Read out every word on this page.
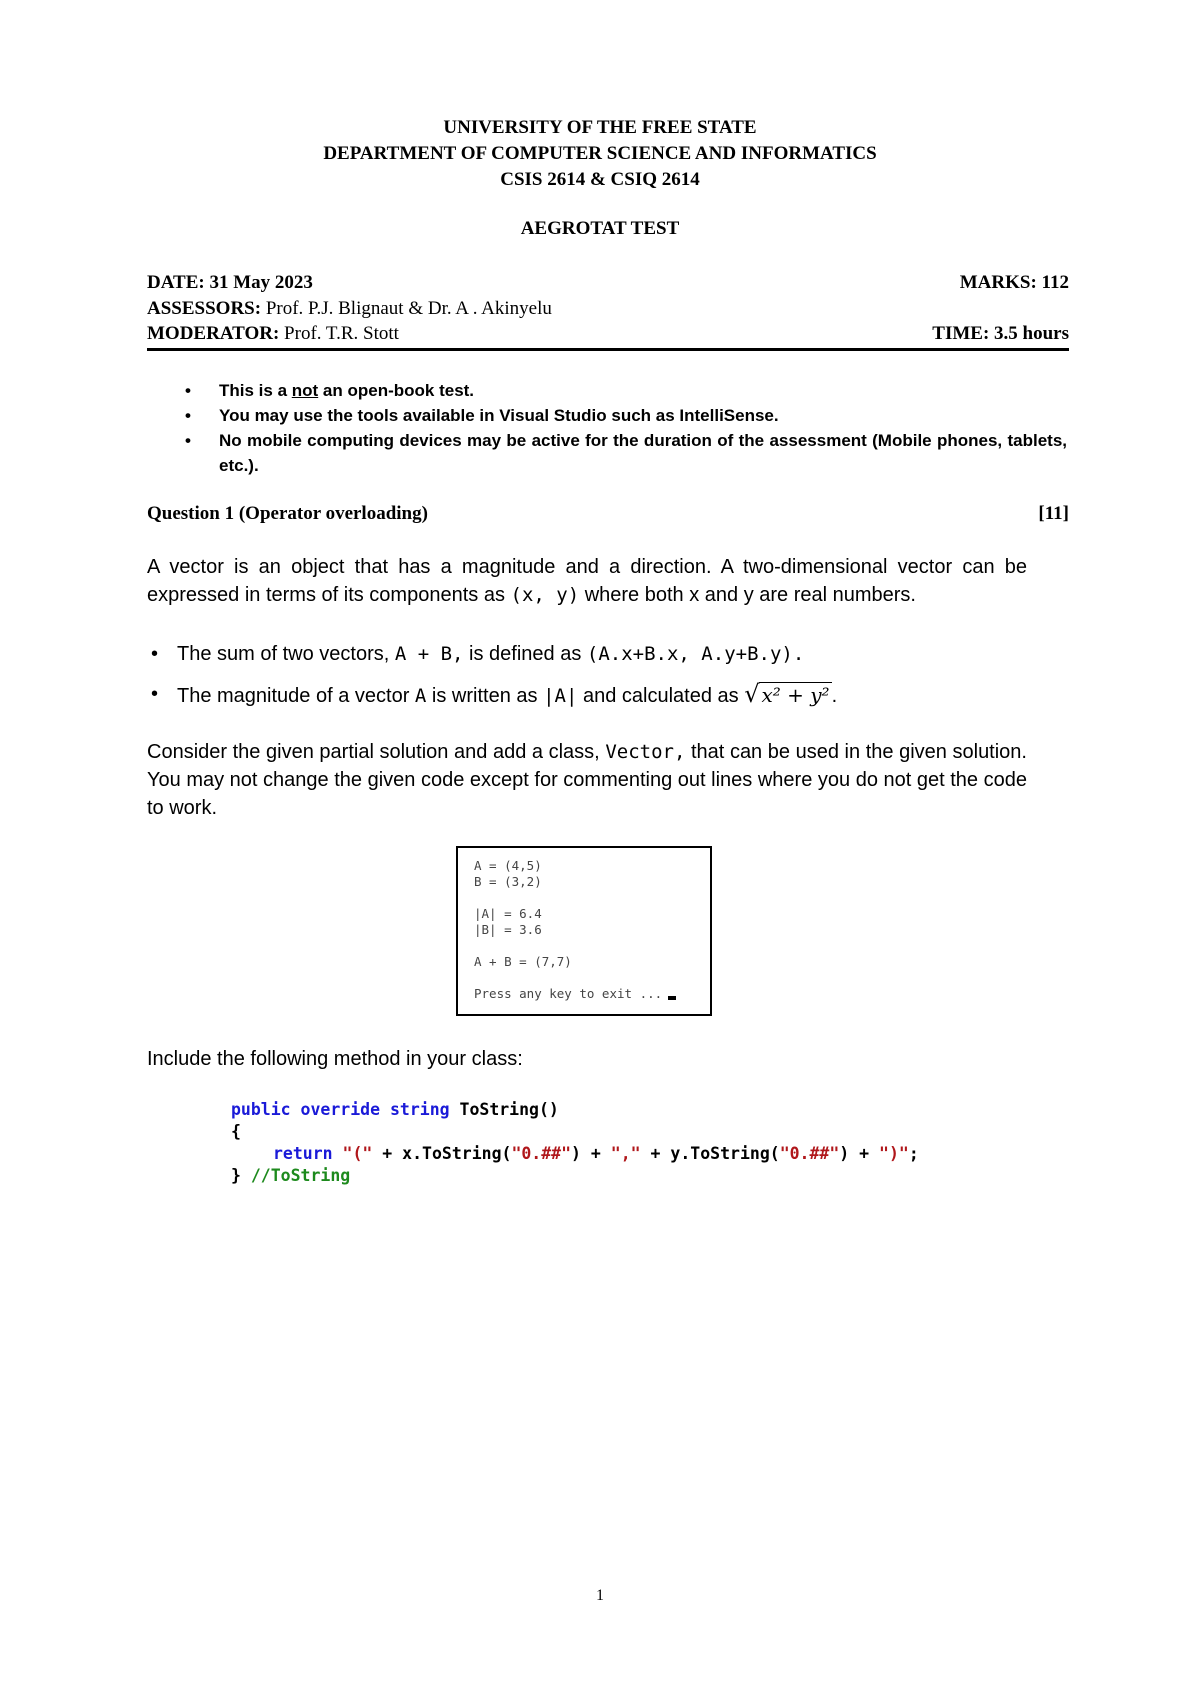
UNIVERSITY OF THE FREE STATE
DEPARTMENT OF COMPUTER SCIENCE AND INFORMATICS
CSIS 2614 & CSIQ 2614
AEGROTAT TEST
DATE: 31 May 2023	MARKS: 112
ASSESSORS: Prof. P.J. Blignaut & Dr. A . Akinyelu
MODERATOR: Prof. T.R. Stott	TIME: 3.5 hours
• This is a not an open-book test.
• You may use the tools available in Visual Studio such as IntelliSense.
• No mobile computing devices may be active for the duration of the assessment (Mobile phones, tablets, etc.).
Question 1 (Operator overloading)	[11]
A vector is an object that has a magnitude and a direction. A two-dimensional vector can be expressed in terms of its components as (x, y) where both x and y are real numbers.
• The sum of two vectors, A + B, is defined as (A.x+B.x, A.y+B.y).
• The magnitude of a vector A is written as |A| and calculated as √ x² + y² .
Consider the given partial solution and add a class, Vector, that can be used in the given solution. You may not change the given code except for commenting out lines where you do not get the code to work.
A = (4,5)
B = (3,2)
|A| = 6.4
|B| = 3.6
A + B = (7,7)
Press any key to exit ...
Include the following method in your class:
public override string ToString()
{
return "(" + x.ToString("0.##") + "," + y.ToString("0.##") + ")";
} //ToString
1
